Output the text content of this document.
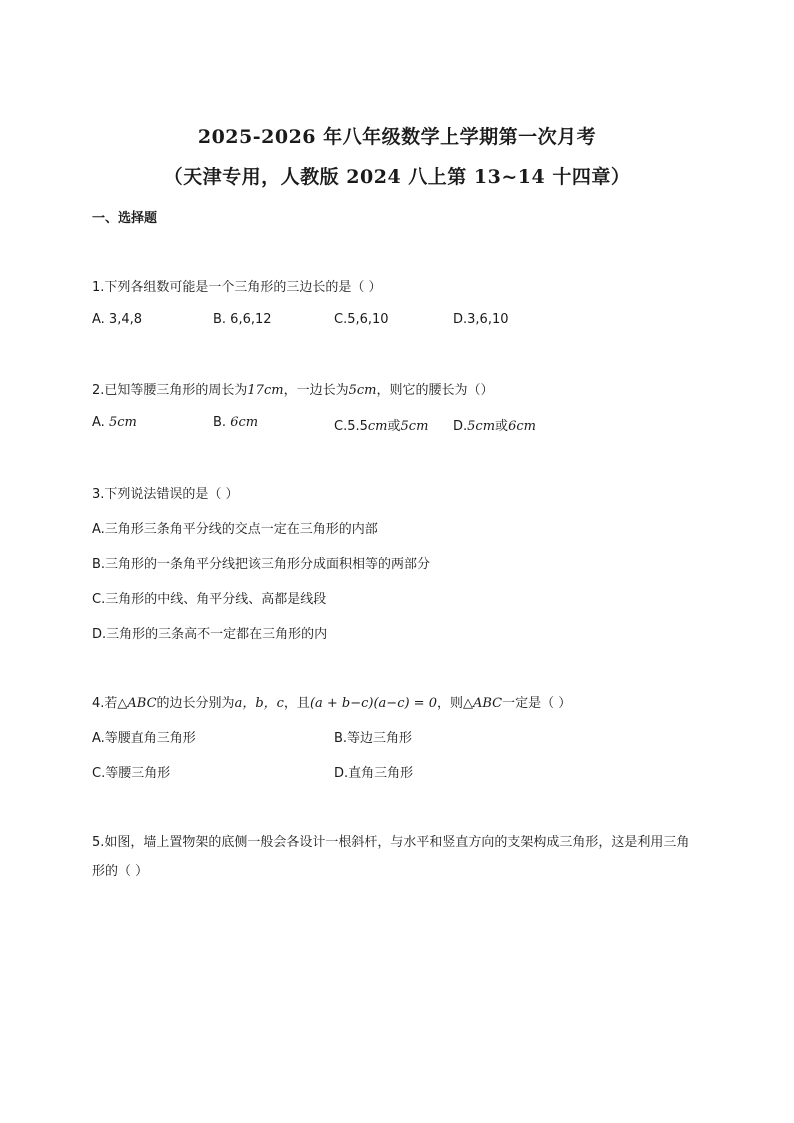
2025-2026 年八年级数学上学期第一次月考
（天津专用，人教版 2024 八上第 13~14 十四章）
一、选择题
1.下列各组数可能是一个三角形的三边长的是（ ）
A. 3,4,8	B. 6,6,12	C.5,6,10	D.3,6,10
2.已知等腰三角形的周长为17cm，一边长为5cm，则它的腰长为（）
A. 5cm	B. 6cm	C.5.5cm或5cm D.5cm或6cm
3.下列说法错误的是（ ）
A.三角形三条角平分线的交点一定在三角形的内部
B.三角形的一条角平分线把该三角形分成面积相等的两部分
C.三角形的中线、角平分线、高都是线段
D.三角形的三条高不一定都在三角形的内
4.若△ABC的边长分别为a，b，c，且(a + b−c)(a−c) = 0，则△ABC一定是（ ）
A.等腰直角三角形	B.等边三角形
C.等腰三角形	D.直角三角形
5.如图，墙上置物架的底侧一般会各设计一根斜杆，与水平和竖直方向的支架构成三角形，这是利用三角形的（ ）
